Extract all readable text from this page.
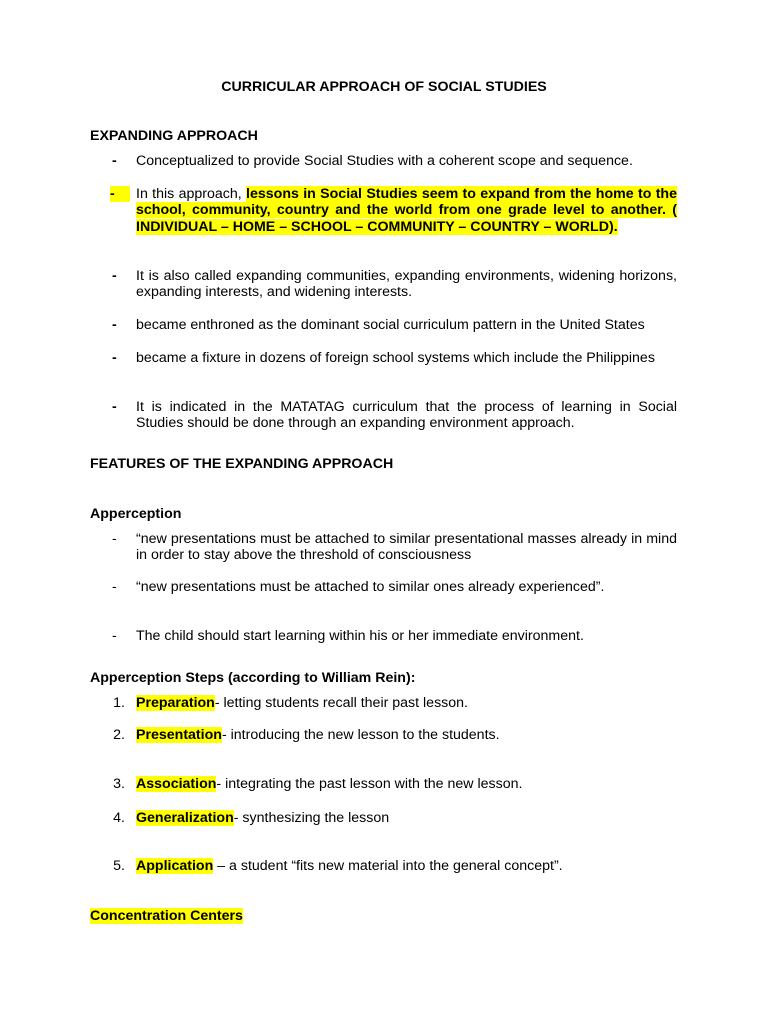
CURRICULAR APPROACH OF SOCIAL STUDIES
EXPANDING APPROACH
-	Conceptualized to provide Social Studies with a coherent scope and sequence.
-	In this approach, lessons in Social Studies seem to expand from the home to the school, community, country and the world from one grade level to another. ( INDIVIDUAL – HOME – SCHOOL – COMMUNITY – COUNTRY – WORLD).
-	It is also called expanding communities, expanding environments, widening horizons, expanding interests, and widening interests.
-	became enthroned as the dominant social curriculum pattern in the United States
-	became a fixture in dozens of foreign school systems which include the Philippines
-	It is indicated in the MATATAG curriculum that the process of learning in Social Studies should be done through an expanding environment approach.
FEATURES OF THE EXPANDING APPROACH
Apperception
-	“new presentations must be attached to similar presentational masses already in mind in order to stay above the threshold of consciousness
-	“new presentations must be attached to similar ones already experienced”.
-	The child should start learning within his or her immediate environment.
Apperception Steps (according to William Rein):
1. Preparation- letting students recall their past lesson.
2. Presentation- introducing the new lesson to the students.
3. Association- integrating the past lesson with the new lesson.
4. Generalization- synthesizing the lesson
5. Application – a student “fits new material into the general concept”.
Concentration Centers
